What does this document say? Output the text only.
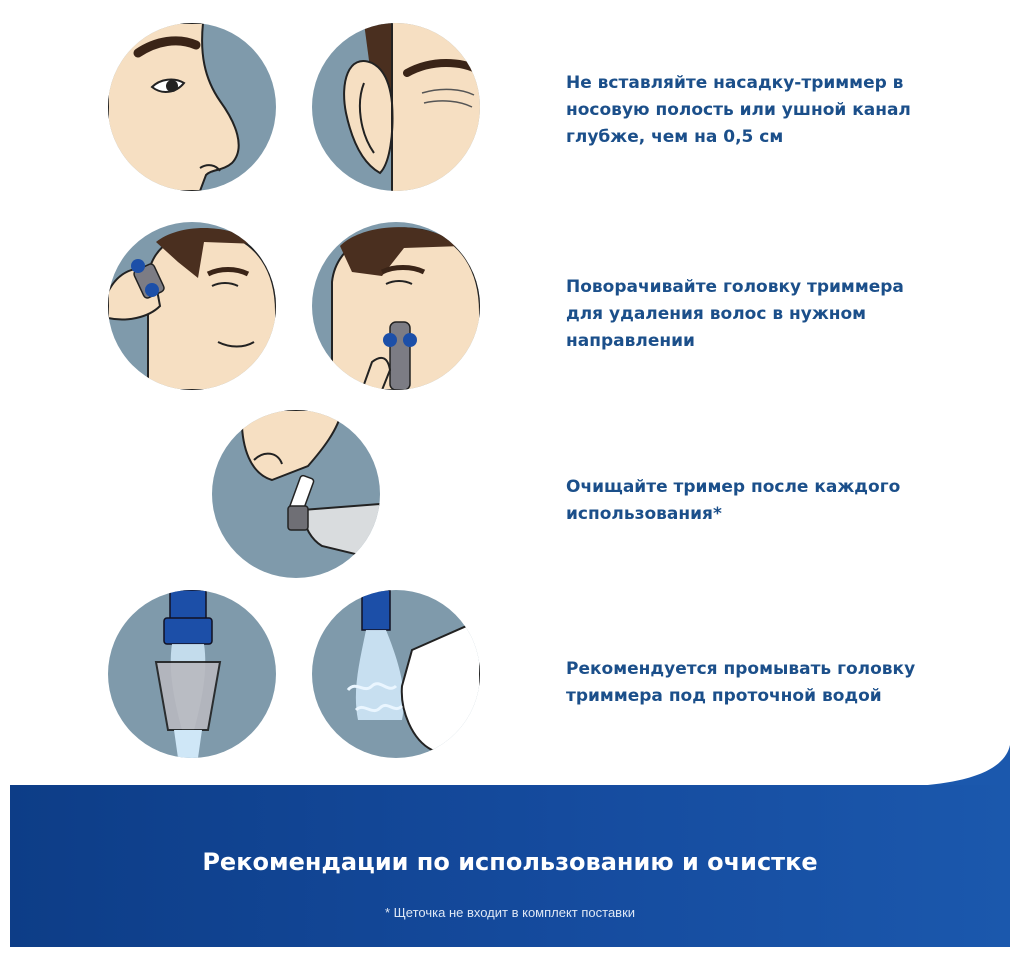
Не вставляйте насадку-триммер в
носовую полость или ушной канал
глубже, чем на 0,5 см
Поворачивайте головку триммера
для удаления волос в нужном
направлении
Очищайте тример после каждого
использования*
Рекомендуется промывать головку
триммера под проточной водой
Рекомендации по использованию и очистке
* Щеточка не входит в комплект поставки
